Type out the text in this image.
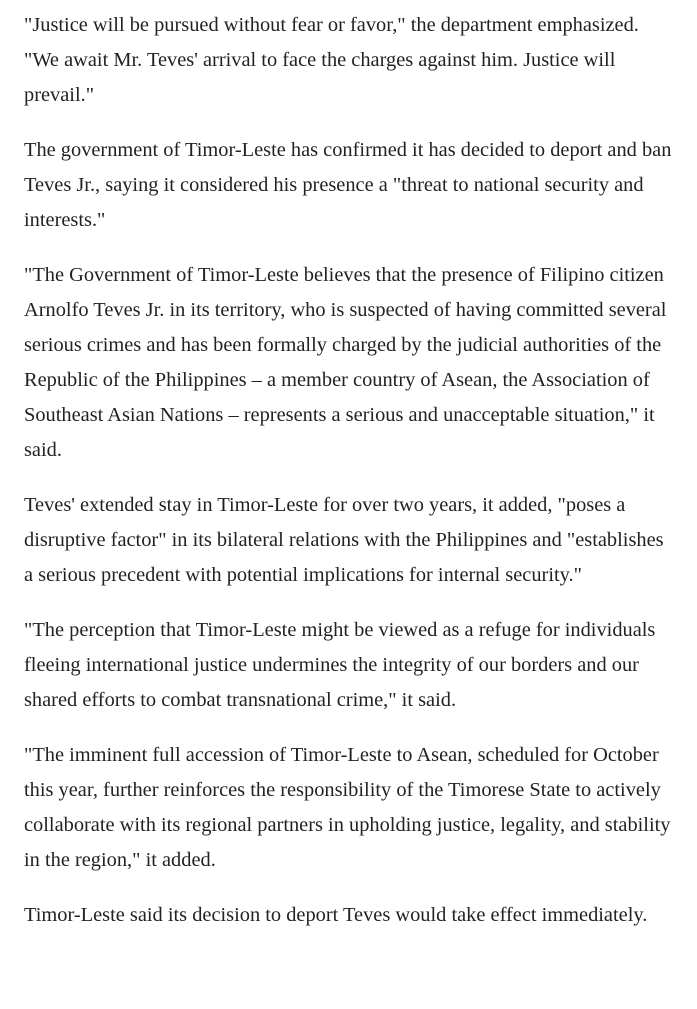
"Justice will be pursued without fear or favor," the department emphasized. "We await Mr. Teves' arrival to face the charges against him. Justice will prevail."

The government of Timor-Leste has confirmed it has decided to deport and ban Teves Jr., saying it considered his presence a "threat to national security and interests."

"The Government of Timor-Leste believes that the presence of Filipino citizen Arnolfo Teves Jr. in its territory, who is suspected of having committed several serious crimes and has been formally charged by the judicial authorities of the Republic of the Philippines – a member country of Asean, the Association of Southeast Asian Nations – represents a serious and unacceptable situation," it said.

Teves' extended stay in Timor-Leste for over two years, it added, "poses a disruptive factor" in its bilateral relations with the Philippines and "establishes a serious precedent with potential implications for internal security."

"The perception that Timor-Leste might be viewed as a refuge for individuals fleeing international justice undermines the integrity of our borders and our shared efforts to combat transnational crime," it said.

"The imminent full accession of Timor-Leste to Asean, scheduled for October this year, further reinforces the responsibility of the Timorese State to actively collaborate with its regional partners in upholding justice, legality, and stability in the region," it added.

Timor-Leste said its decision to deport Teves would take effect immediately.
